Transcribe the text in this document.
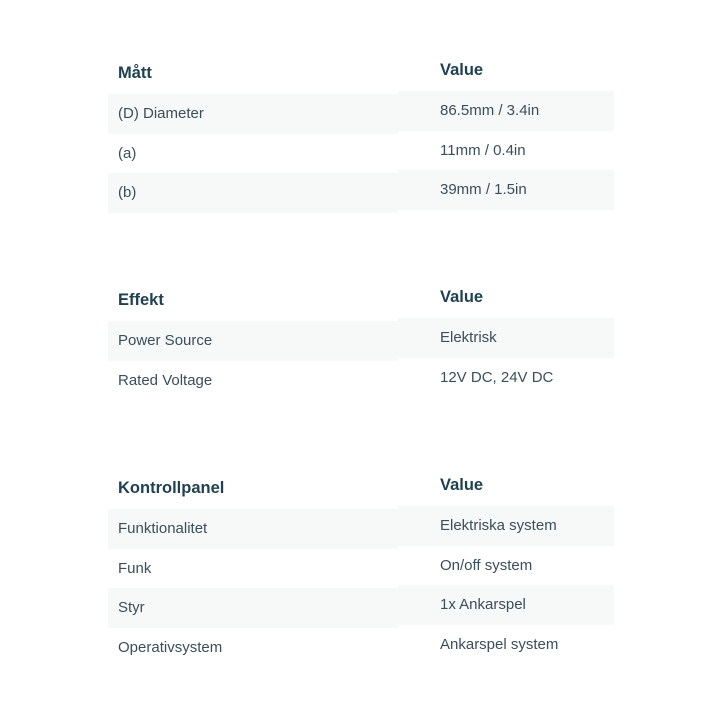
Mått	Value
(D) Diameter	86.5mm / 3.4in
(a)	11mm / 0.4in
(b)	39mm / 1.5in
Effekt	Value
Power Source	Elektrisk
Rated Voltage	12V DC, 24V DC
Kontrollpanel	Value
Funktionalitet	Elektriska system
Funk	On/off system
Styr	1x Ankarspel
Operativsystem	Ankarspel system
